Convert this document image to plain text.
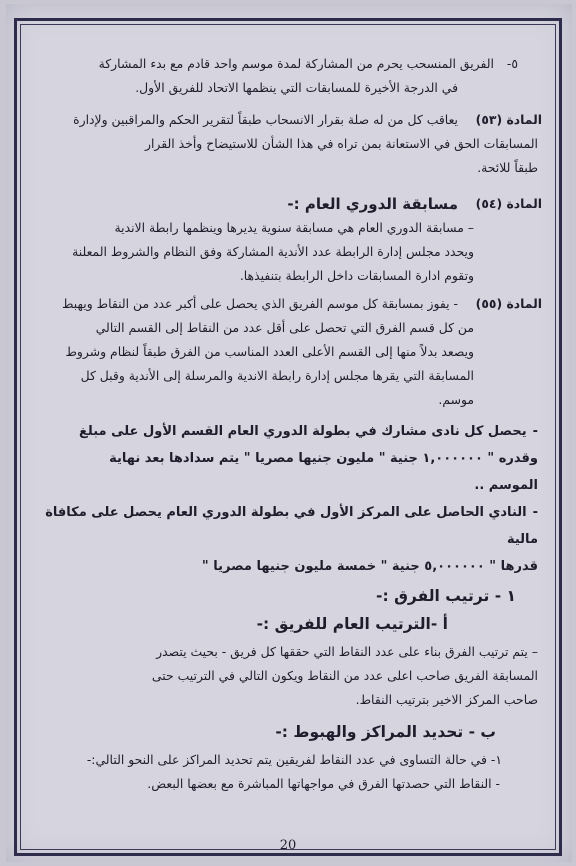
الفريق المنسحب يحرم من المشاركة لمدة موسم واحد قادم مع بدء المشاركة ٥-
في الدرجة الأخيرة للمسابقات التي ينظمها الاتحاد للفريق الأول.
المادة (٥٣)
يعاقب كل من له صلة بقرار الانسحاب طبقاً لتقرير الحكم والمراقبين ولإدارة
المسابقات الحق في الاستعانة بمن تراه في هذا الشأن للاستيضاح وأخذ القرار
طبقاً للائحة.
المادة (٥٤)
مسابقة الدوري العام :-
– مسابقة الدوري العام هي مسابقة سنوية يديرها وينظمها رابطة الاندية
ويحدد مجلس إدارة الرابطة عدد الأندية المشاركة وفق النظام والشروط المعلنة
وتقوم ادارة المسابقات داخل الرابطة بتنفيذها.
المادة (٥٥)
- يفوز بمسابقة كل موسم الفريق الذي يحصل على أكبر عدد من النقاط ويهبط
من كل قسم الفرق التي تحصل على أقل عدد من النقاط إلى القسم التالي
ويصعد بدلاً منها إلى القسم الأعلى العدد المناسب من الفرق طبقاً لنظام وشروط
المسابقة التي يقرها مجلس إدارة رابطة الاندية والمرسلة إلى الأندية وقبل كل
موسم.
-يحصل كل نادى مشارك في بطولة الدوري العام القسم الأول على مبلغ
وقدره " ١,٠٠٠٠٠٠ جنية " مليون جنيها مصريا " يتم سدادها بعد نهاية
الموسم ..
-النادي الحاصل على المركز الأول في بطولة الدوري العام يحصل على مكافاة مالية
قدرها " ٥,٠٠٠٠٠٠ جنية " خمسة مليون جنيها مصريا "
١ - ترتيب الفرق :-
أ -الترتيب العام للفريق :-
– يتم ترتيب الفرق بناء على عدد النقاط التي حققها كل فريق - بحيث يتصدر
المسابقة الفريق صاحب اعلى عدد من النقاط ويكون التالي في الترتيب حتى
صاحب المركز الاخير بترتيب النقاط.
ب - تحديد المراكز والهبوط :-
١- في حالة التساوى في عدد النقاط لفريقين يتم تحديد المراكز على النحو التالي:-
- النقاط التي حصدتها الفرق في مواجهاتها المباشرة مع بعضها البعض.
20
